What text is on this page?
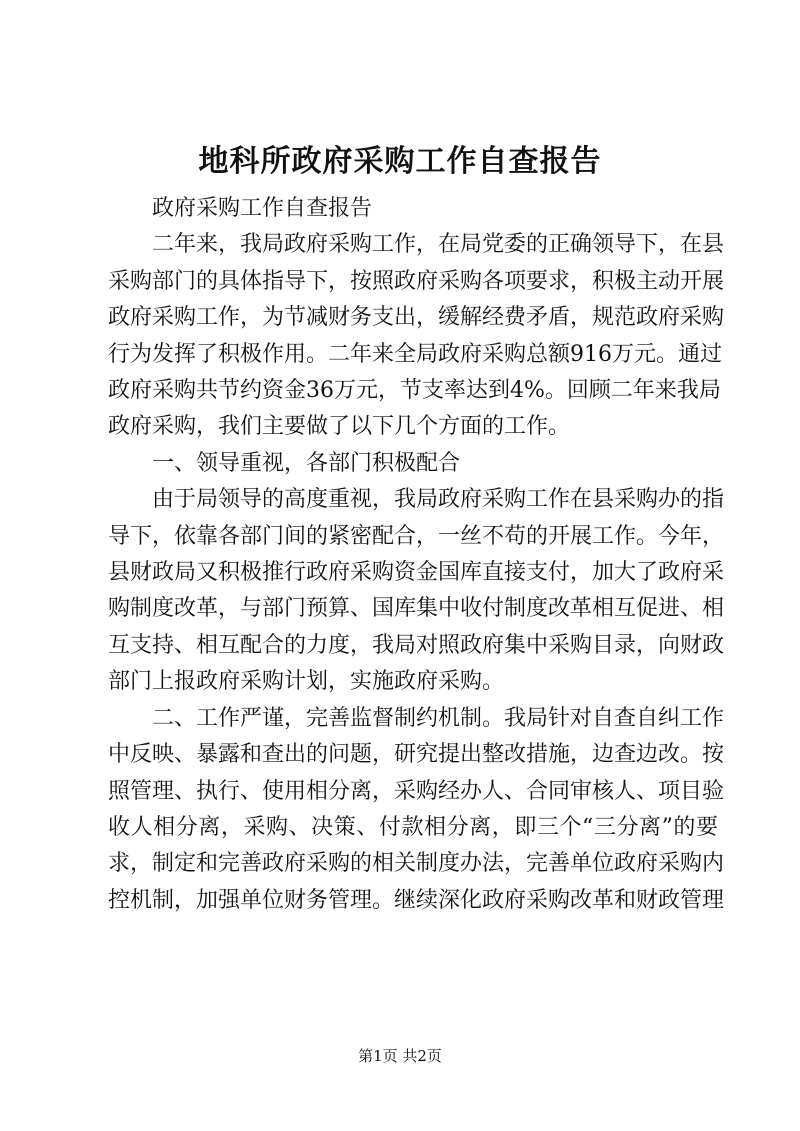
地科所政府采购工作自查报告
政府采购工作自查报告
二年来，我局政府采购工作，在局党委的正确领导下，在县
采购部门的具体指导下，按照政府采购各项要求，积极主动开展
政府采购工作，为节减财务支出，缓解经费矛盾，规范政府采购
行为发挥了积极作用。二年来全局政府采购总额916万元。通过
政府采购共节约资金36万元，节支率达到4%。回顾二年来我局
政府采购，我们主要做了以下几个方面的工作。
一、领导重视，各部门积极配合
由于局领导的高度重视，我局政府采购工作在县采购办的指
导下，依靠各部门间的紧密配合，一丝不苟的开展工作。今年，
县财政局又积极推行政府采购资金国库直接支付，加大了政府采
购制度改革，与部门预算、国库集中收付制度改革相互促进、相
互支持、相互配合的力度，我局对照政府集中采购目录，向财政
部门上报政府采购计划，实施政府采购。
二、工作严谨，完善监督制约机制。我局针对自查自纠工作
中反映、暴露和查出的问题，研究提出整改措施，边查边改。按
照管理、执行、使用相分离，采购经办人、合同审核人、项目验
收人相分离，采购、决策、付款相分离，即三个“三分离”的要
求，制定和完善政府采购的相关制度办法，完善单位政府采购内
控机制，加强单位财务管理。继续深化政府采购改革和财政管理
第1页 共2页
